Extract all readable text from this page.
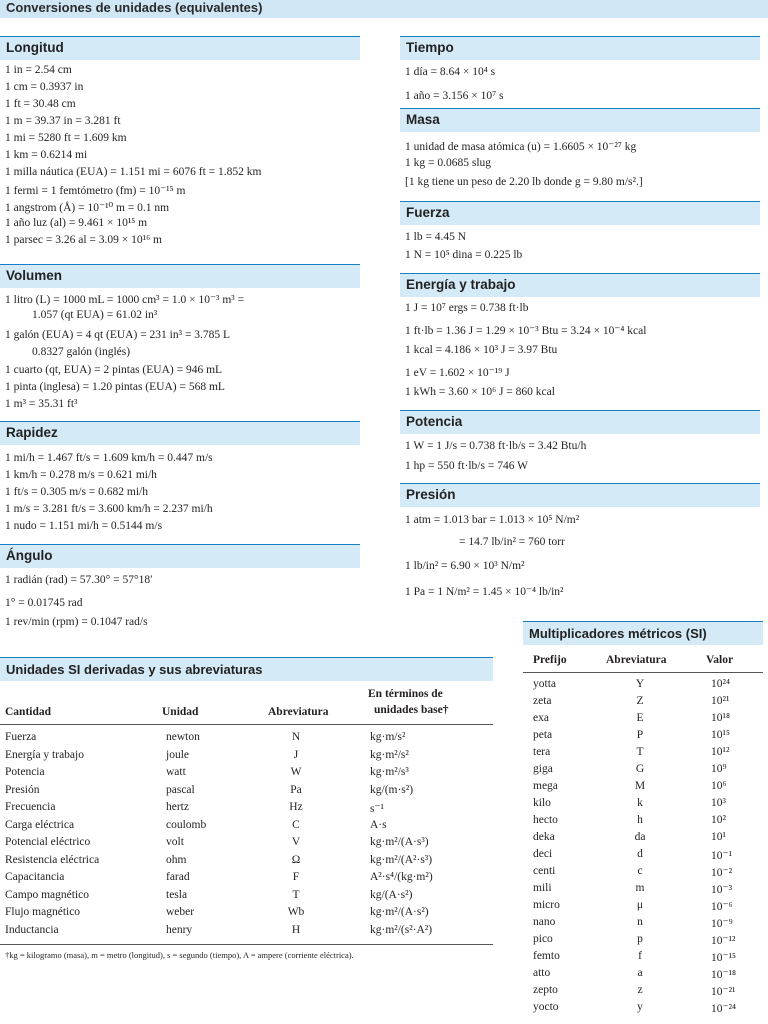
Conversiones de unidades (equivalentes)
Longitud
1 in = 2.54 cm
1 cm = 0.3937 in
1 ft = 30.48 cm
1 m = 39.37 in = 3.281 ft
1 mi = 5280 ft = 1.609 km
1 km = 0.6214 mi
1 milla náutica (EUA) = 1.151 mi = 6076 ft = 1.852 km
1 fermi = 1 femtómetro (fm) = 10⁻¹⁵ m
1 angstrom (Å) = 10⁻¹⁰ m = 0.1 nm
1 año luz (al) = 9.461 × 10¹⁵ m
1 parsec = 3.26 al = 3.09 × 10¹⁶ m
Volumen
1 litro (L) = 1000 mL = 1000 cm³ = 1.0 × 10⁻³ m³ =
1.057 (qt EUA) = 61.02 in³
1 galón (EUA) = 4 qt (EUA) = 231 in³ = 3.785 L
0.8327 galón (inglés)
1 cuarto (qt, EUA) = 2 pintas (EUA) = 946 mL
1 pinta (inglesa) = 1.20 pintas (EUA) = 568 mL
1 m³ = 35.31 ft³
Rapidez
1 mi/h = 1.467 ft/s = 1.609 km/h = 0.447 m/s
1 km/h = 0.278 m/s = 0.621 mi/h
1 ft/s = 0.305 m/s = 0.682 mi/h
1 m/s = 3.281 ft/s = 3.600 km/h = 2.237 mi/h
1 nudo = 1.151 mi/h = 0.5144 m/s
Ángulo
1 radián (rad) = 57.30° = 57°18′
1° = 0.01745 rad
1 rev/min (rpm) = 0.1047 rad/s
Tiempo
1 día = 8.64 × 10⁴ s
1 año = 3.156 × 10⁷ s
Masa
1 unidad de masa atómica (u) = 1.6605 × 10⁻²⁷ kg
1 kg = 0.0685 slug
[1 kg tiene un peso de 2.20 lb donde g = 9.80 m/s².]
Fuerza
1 lb = 4.45 N
1 N = 10⁵ dina = 0.225 lb
Energía y trabajo
1 J = 10⁷ ergs = 0.738 ft·lb
1 ft·lb = 1.36 J = 1.29 × 10⁻³ Btu = 3.24 × 10⁻⁴ kcal
1 kcal = 4.186 × 10³ J = 3.97 Btu
1 eV = 1.602 × 10⁻¹⁹ J
1 kWh = 3.60 × 10⁶ J = 860 kcal
Potencia
1 W = 1 J/s = 0.738 ft·lb/s = 3.42 Btu/h
1 hp = 550 ft·lb/s = 746 W
Presión
1 atm = 1.013 bar = 1.013 × 10⁵ N/m²
= 14.7 lb/in² = 760 torr
1 lb/in² = 6.90 × 10³ N/m²
1 Pa = 1 N/m² = 1.45 × 10⁻⁴ lb/in²
Unidades SI derivadas y sus abreviaturas
En términos de
unidades base†
Cantidad	Unidad	Abreviatura
Fuerza	newton	N	kg·m/s²
Energía y trabajo	joule	J	kg·m²/s²
Potencia	watt	W	kg·m²/s³
Presión	pascal	Pa	kg/(m·s²)
Frecuencia	hertz	Hz	s⁻¹
Carga eléctrica	coulomb	C	A·s
Potencial eléctrico	volt	V	kg·m²/(A·s³)
Resistencia eléctrica	ohm	Ω	kg·m²/(A²·s³)
Capacitancia	farad	F	A²·s⁴/(kg·m²)
Campo magnético	tesla	T	kg/(A·s²)
Flujo magnético	weber	Wb	kg·m²/(A·s²)
Inductancia	henry	H	kg·m²/(s²·A²)
†kg = kilogramo (masa), m = metro (longitud), s = segundo (tiempo), A = ampere (corriente eléctrica).
Multiplicadores métricos (SI)
Prefijo	Abreviatura	Valor
yotta	Y	10²⁴
zeta	Z	10²¹
exa	E	10¹⁸
peta	P	10¹⁵
tera	T	10¹²
giga	G	10⁹
mega	M	10⁶
kilo	k	10³
hecto	h	10²
deka	da	10¹
deci	d	10⁻¹
centi	c	10⁻²
mili	m	10⁻³
micro	μ	10⁻⁶
nano	n	10⁻⁹
pico	p	10⁻¹²
femto	f	10⁻¹⁵
atto	a	10⁻¹⁸
zepto	z	10⁻²¹
yocto	y	10⁻²⁴
